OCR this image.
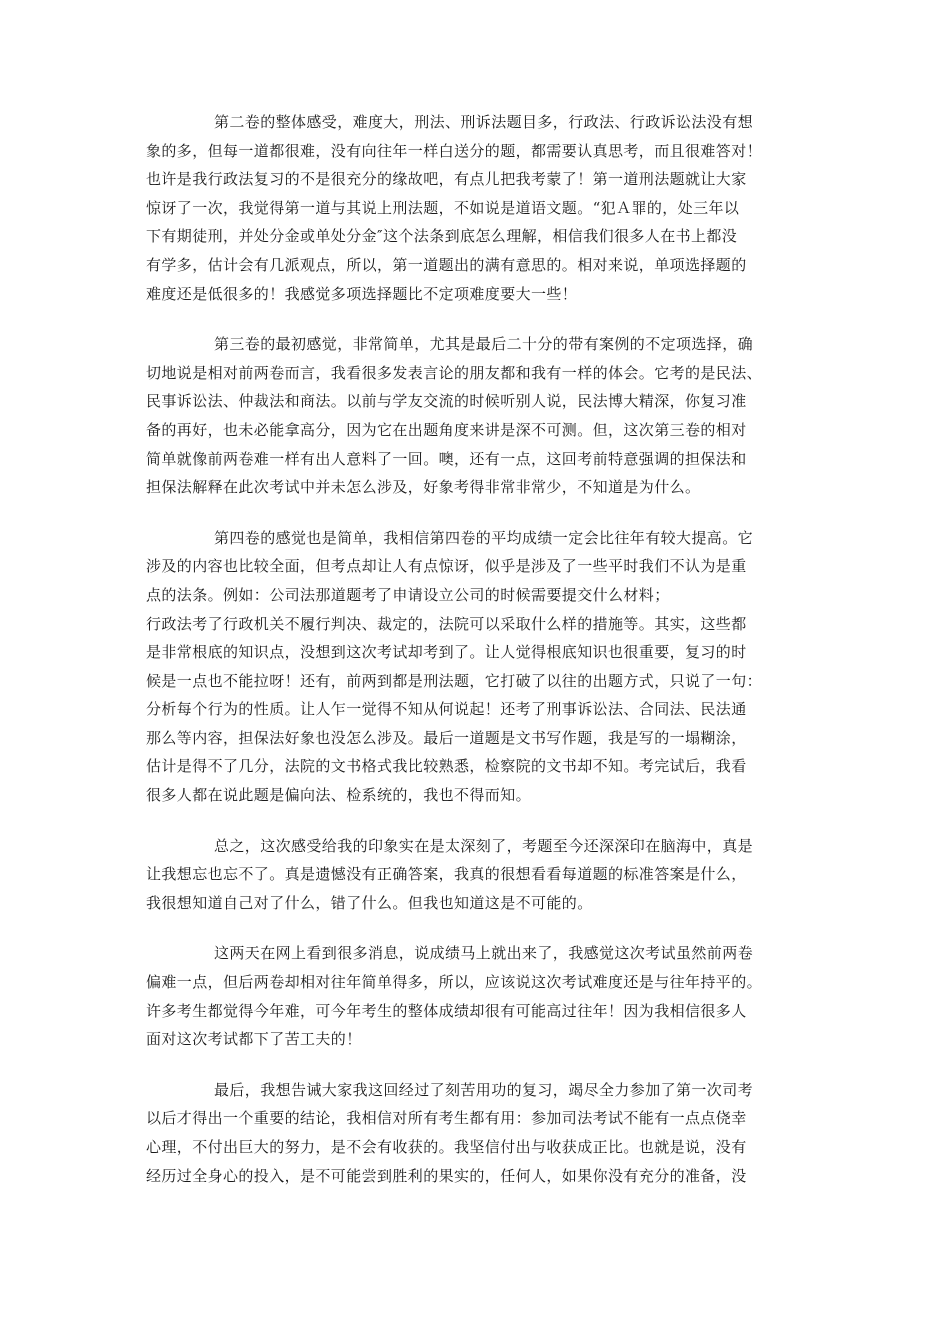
第二卷的整体感受，难度大，刑法、刑诉法题目多，行政法、行政诉讼法没有想
象的多，但每一道都很难，没有向往年一样白送分的题，都需要认真思考，而且很难答对！
也许是我行政法复习的不是很充分的缘故吧，有点儿把我考蒙了！第一道刑法题就让大家
惊讶了一次，我觉得第一道与其说上刑法题，不如说是道语文题。“犯Ａ罪的，处三年以
下有期徒刑，并处分金或单处分金″这个法条到底怎么理解，相信我们很多人在书上都没
有学多，估计会有几派观点，所以，第一道题出的满有意思的。相对来说，单项选择题的
难度还是低很多的！我感觉多项选择题比不定项难度要大一些！
第三卷的最初感觉，非常简单，尤其是最后二十分的带有案例的不定项选择，确
切地说是相对前两卷而言，我看很多发表言论的朋友都和我有一样的体会。它考的是民法、
民事诉讼法、仲裁法和商法。以前与学友交流的时候听别人说，民法博大精深，你复习准
备的再好，也未必能拿高分，因为它在出题角度来讲是深不可测。但，这次第三卷的相对
简单就像前两卷难一样有出人意料了一回。噢，还有一点，这回考前特意强调的担保法和
担保法解释在此次考试中并未怎么涉及，好象考得非常非常少，不知道是为什么。
第四卷的感觉也是简单，我相信第四卷的平均成绩一定会比往年有较大提高。它
涉及的内容也比较全面，但考点却让人有点惊讶，似乎是涉及了一些平时我们不认为是重
点的法条。例如：公司法那道题考了申请设立公司的时候需要提交什么材料；
行政法考了行政机关不履行判决、裁定的，法院可以采取什么样的措施等。其实，这些都
是非常根底的知识点，没想到这次考试却考到了。让人觉得根底知识也很重要，复习的时
候是一点也不能拉呀！还有，前两到都是刑法题，它打破了以往的出题方式，只说了一句：
分析每个行为的性质。让人乍一觉得不知从何说起！还考了刑事诉讼法、合同法、民法通
那么等内容，担保法好象也没怎么涉及。最后一道题是文书写作题，我是写的一塌糊涂，
估计是得不了几分，法院的文书格式我比较熟悉，检察院的文书却不知。考完试后，我看
很多人都在说此题是偏向法、检系统的，我也不得而知。
总之，这次感受给我的印象实在是太深刻了，考题至今还深深印在脑海中，真是
让我想忘也忘不了。真是遗憾没有正确答案，我真的很想看看每道题的标准答案是什么，
我很想知道自己对了什么，错了什么。但我也知道这是不可能的。
这两天在网上看到很多消息，说成绩马上就出来了，我感觉这次考试虽然前两卷
偏难一点，但后两卷却相对往年简单得多，所以，应该说这次考试难度还是与往年持平的。
许多考生都觉得今年难，可今年考生的整体成绩却很有可能高过往年！因为我相信很多人
面对这次考试都下了苦工夫的！
最后，我想告诫大家我这回经过了刻苦用功的复习，竭尽全力参加了第一次司考
以后才得出一个重要的结论，我相信对所有考生都有用：参加司法考试不能有一点点侥幸
心理，不付出巨大的努力，是不会有收获的。我坚信付出与收获成正比。也就是说，没有
经历过全身心的投入，是不可能尝到胜利的果实的，任何人，如果你没有充分的准备，没
